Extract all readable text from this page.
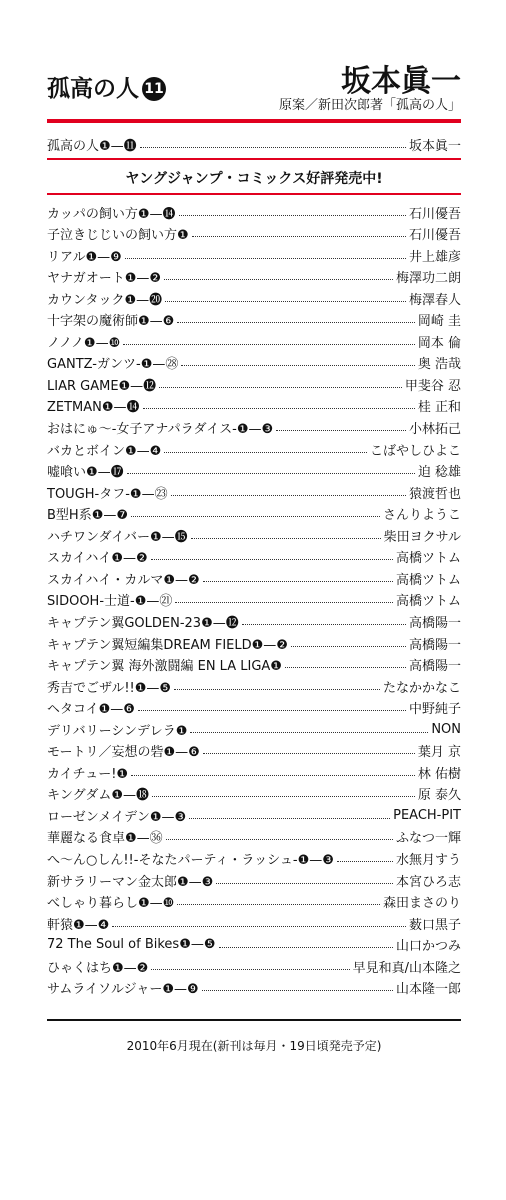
孤高の人 11	坂本眞一
原案／新田次郎著「孤高の人」
孤高の人❶—⓫	坂本眞一
ヤングジャンプ・コミックス好評発売中!
カッパの飼い方❶—⓮	石川優吾
子泣きじじいの飼い方❶	石川優吾
リアル❶—❾	井上雄彦
ヤナガオート❶—❷	梅澤功二朗
カウンタック❶—⓴	梅澤春人
十字架の魔術師❶—❻	岡崎 圭
ノノノ❶—❿	岡本 倫
GANTZ-ガンツ-❶—㉘	奥 浩哉
LIAR GAME❶—⓬	甲斐谷 忍
ZETMAN❶—⓮	桂 正和
おはにゅ〜-女子アナパラダイス-❶—❸	小林拓己
バカとボイン❶—❹	こばやしひよこ
嘘喰い❶—⓱	迫 稔雄
TOUGH-タフ-❶—㉓	猿渡哲也
B型H系❶—❼	さんりようこ
ハチワンダイバー❶—⓯	柴田ヨクサル
スカイハイ❶—❷	高橋ツトム
スカイハイ・カルマ❶—❷	高橋ツトム
SIDOOH-士道-❶—㉑	高橋ツトム
キャプテン翼GOLDEN-23❶—⓬	高橋陽一
キャプテン翼短編集DREAM FIELD❶—❷	高橋陽一
キャプテン翼 海外激闘編 EN LA LIGA❶	高橋陽一
秀吉でごザル!!❶—❺	たなかかなこ
ヘタコイ❶—❻	中野純子
デリバリーシンデレラ❶	NON
モートリ／妄想の砦❶—❻	葉月 京
カイチュー!❶	林 佑樹
キングダム❶—⓲	原 泰久
ローゼンメイデン❶—❸	PEACH-PIT
華麗なる食卓❶—㊱	ふなつ一輝
へ〜ん○しん!!-そなたパーティ・ラッシュ-❶—❸	水無月すう
新サラリーマン金太郎❶—❸	本宮ひろ志
べしゃり暮らし❶—❿	森田まさのり
軒猿❶—❹	薮口黒子
72 The Soul of Bikes❶—❺	山口かつみ
ひゃくはち❶—❷	早見和真/山本隆之
サムライソルジャー❶—❾	山本隆一郎
2010年6月現在(新刊は毎月・19日頃発売予定)
